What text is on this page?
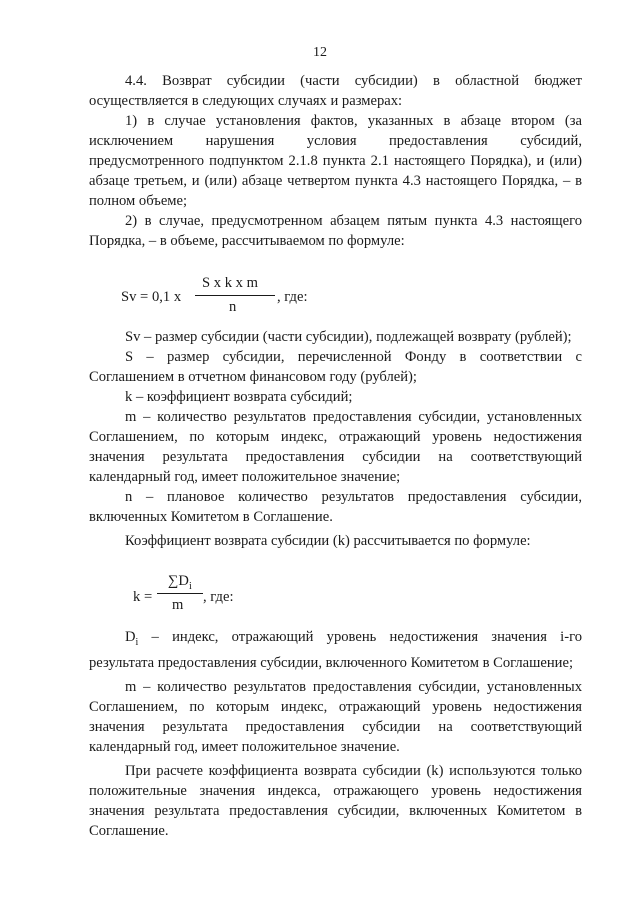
12

4.4. Возврат субсидии (части субсидии) в областной бюджет осуществляется в следующих случаях и размерах:

1) в случае установления фактов, указанных в абзаце втором (за исключением нарушения условия предоставления субсидий, предусмотренного подпунктом 2.1.8 пункта 2.1 настоящего Порядка), и (или) абзаце третьем, и (или) абзаце четвертом пункта 4.3 настоящего Порядка, – в полном объеме;

2) в случае, предусмотренном абзацем пятым пункта 4.3 настоящего Порядка, – в объеме, рассчитываемом по формуле:

Sv = 0,1 x
S x k x m
n
, где:

Sv – размер субсидии (части субсидии), подлежащей возврату (рублей);

S – размер субсидии, перечисленной Фонду в соответствии с Соглашением в отчетном финансовом году (рублей);

k – коэффициент возврата субсидий;

m – количество результатов предоставления субсидии, установленных Соглашением, по которым индекс, отражающий уровень недостижения значения результата предоставления субсидии на соответствующий календарный год, имеет положительное значение;

n – плановое количество результатов предоставления субсидии, включенных Комитетом в Соглашение.

Коэффициент возврата субсидии (k) рассчитывается по формуле:

k =
$\sum D_i$
m , где:

$D_i$ – индекс, отражающий уровень недостижения значения i-го результата предоставления субсидии, включенного Комитетом в Соглашение;

m – количество результатов предоставления субсидии, установленных Соглашением, по которым индекс, отражающий уровень недостижения значения результата предоставления субсидии на соответствующий календарный год, имеет положительное значение.

При расчете коэффициента возврата субсидии (k) используются только положительные значения индекса, отражающего уровень недостижения значения результата предоставления субсидии, включенных Комитетом в Соглашение.
